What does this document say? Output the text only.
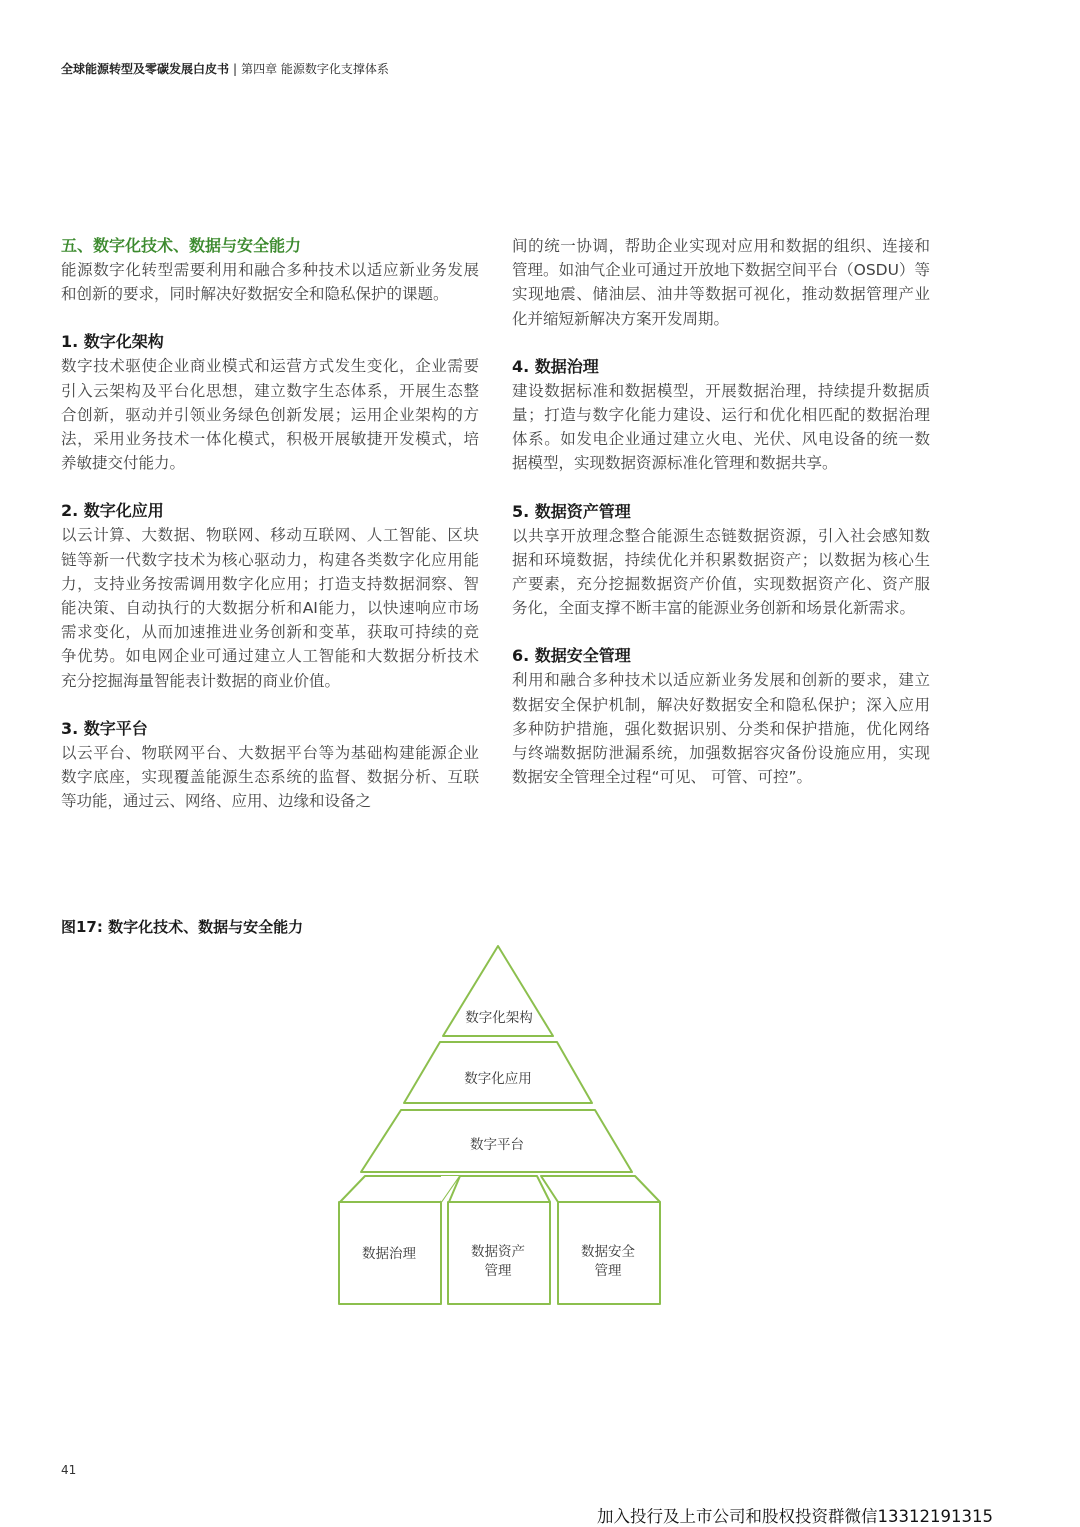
全球能源转型及零碳发展白皮书 | 第四章 能源数字化支撑体系

五、数字化技术、数据与安全能力

能源数字化转型需要利用和融合多种技术以适应新业务发展和创新的要求，同时解决好数据安全和隐私保护的课题。

1. 数字化架构

数字技术驱使企业商业模式和运营方式发生变化，企业需要引入云架构及平台化思想，建立数字生态体系，开展生态整合创新，驱动并引领业务绿色创新发展；运用企业架构的方法，采用业务技术一体化模式，积极开展敏捷开发模式，培养敏捷交付能力。

2. 数字化应用

以云计算、大数据、物联网、移动互联网、人工智能、区块链等新一代数字技术为核心驱动力，构建各类数字化应用能力，支持业务按需调用数字化应用；打造支持数据洞察、智能决策、自动执行的大数据分析和AI能力，以快速响应市场需求变化，从而加速推进业务创新和变革，获取可持续的竞争优势。如电网企业可通过建立人工智能和大数据分析技术充分挖掘海量智能表计数据的商业价值。

3. 数字平台

以云平台、物联网平台、大数据平台等为基础构建能源企业数字底座，实现覆盖能源生态系统的监督、数据分析、互联等功能，通过云、网络、应用、边缘和设备之

间的统一协调，帮助企业实现对应用和数据的组织、连接和管理。如油气企业可通过开放地下数据空间平台（OSDU）等实现地震、储油层、油井等数据可视化，推动数据管理产业化并缩短新解决方案开发周期。

4. 数据治理

建设数据标准和数据模型，开展数据治理，持续提升数据质量；打造与数字化能力建设、运行和优化相匹配的数据治理体系。如发电企业通过建立火电、光伏、风电设备的统一数据模型，实现数据资源标准化管理和数据共享。

5. 数据资产管理

以共享开放理念整合能源生态链数据资源，引入社会感知数据和环境数据，持续优化并积累数据资产；以数据为核心生产要素，充分挖掘数据资产价值，实现数据资产化、资产服务化，全面支撑不断丰富的能源业务创新和场景化新需求。

6. 数据安全管理

利用和融合多种技术以适应新业务发展和创新的要求，建立数据安全保护机制，解决好数据安全和隐私保护；深入应用多种防护措施，强化数据识别、分类和保护措施，优化网络与终端数据防泄漏系统，加强数据容灾备份设施应用，实现数据安全管理全过程“可见、 可管、可控”。

图17: 数字化技术、数据与安全能力
数字化架构
数字化应用
数字平台
数据治理	数据资产
管理
数据安全
管理
41
加入投行及上市公司和股权投资群微信13312191315
